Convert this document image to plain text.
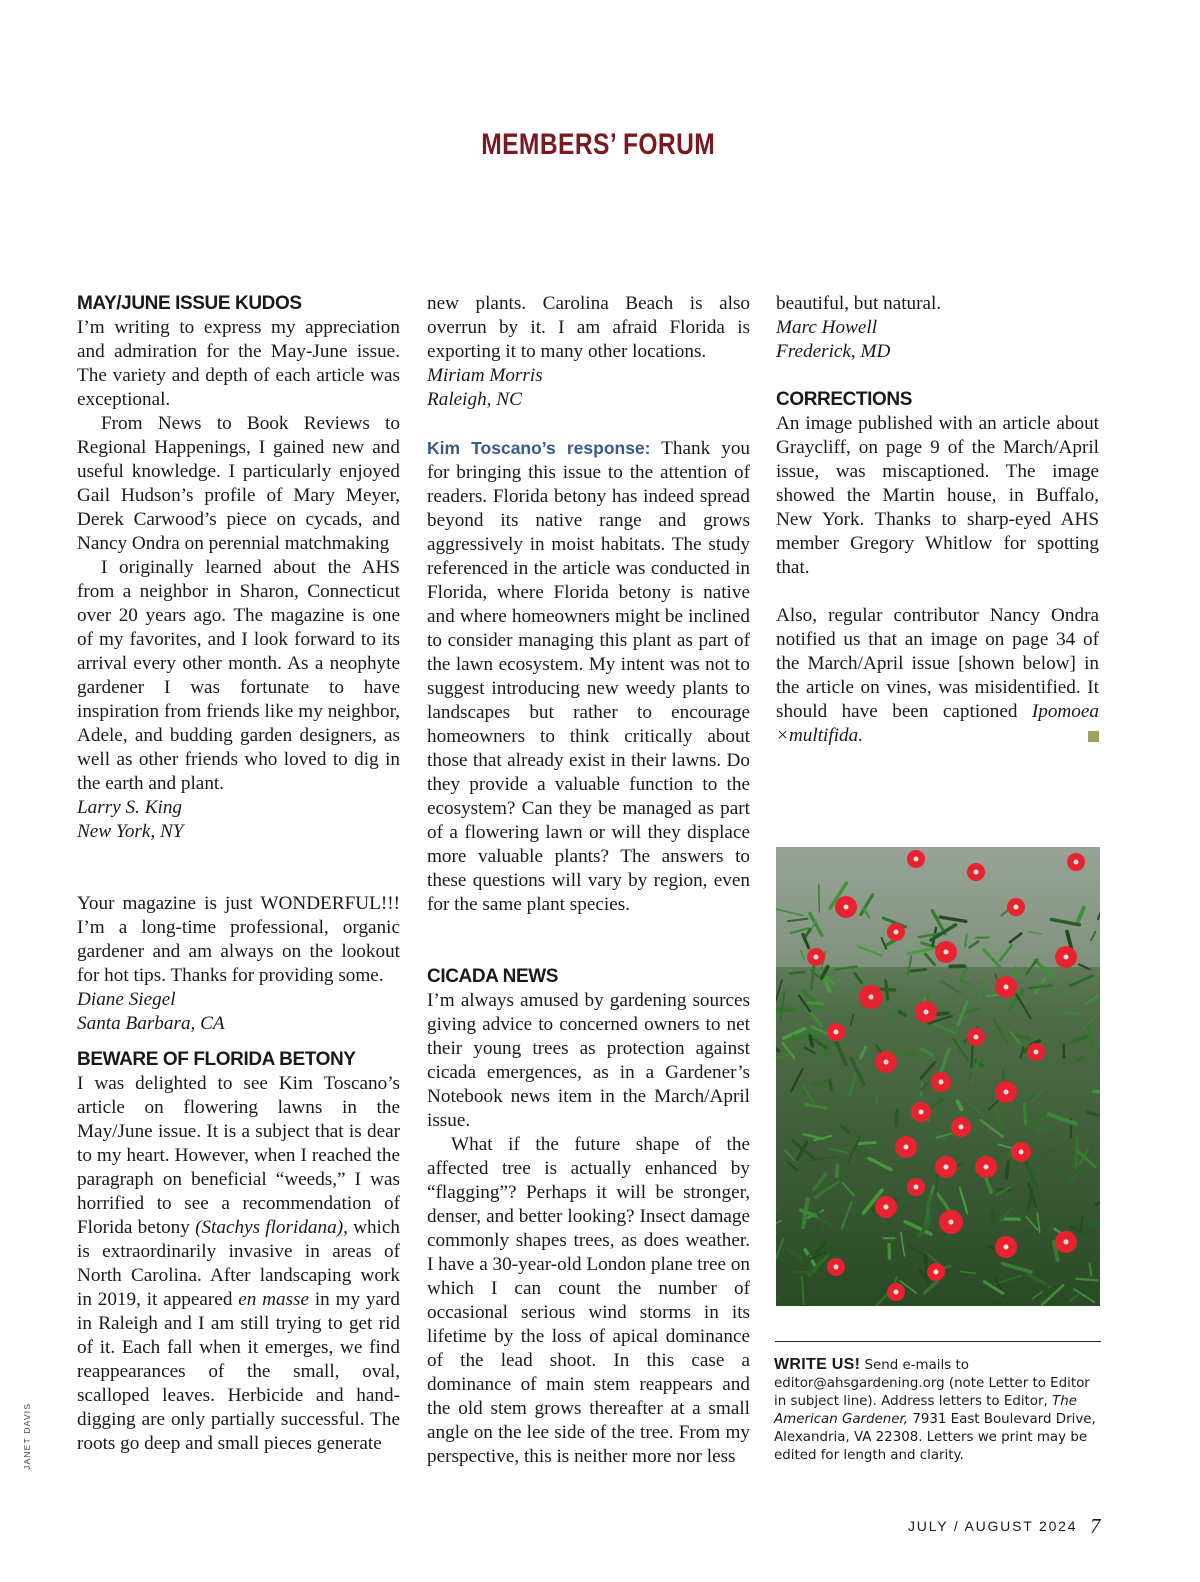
MEMBERS’ FORUM
MAY/JUNE ISSUE KUDOS

I’m writing to express my appreciation and admiration for the May-June issue. The variety and depth of each article was exceptional.

From News to Book Reviews to Regional Happenings, I gained new and useful knowledge. I particularly enjoyed Gail Hudson’s profile of Mary Meyer, Derek Carwood’s piece on cycads, and Nancy Ondra on perennial matchmaking

I originally learned about the AHS from a neighbor in Sharon, Connecticut over 20 years ago. The magazine is one of my favorites, and I look forward to its arrival every other month. As a neophyte gardener I was fortunate to have inspiration from friends like my neighbor, Adele, and budding garden designers, as well as other friends who loved to dig in the earth and plant.

Larry S. King

New York, NY

Your magazine is just WONDERFUL!!! I’m a long-time professional, organic gardener and am always on the lookout for hot tips. Thanks for providing some.

Diane Siegel

Santa Barbara, CA

BEWARE OF FLORIDA BETONY

I was delighted to see Kim Toscano’s article on flowering lawns in the May/June issue. It is a subject that is dear to my heart. However, when I reached the paragraph on beneficial “weeds,” I was horrified to see a recommendation of Florida betony (Stachys floridana), which is extraordinarily invasive in areas of North Carolina. After landscaping work in 2019, it appeared en masse in my yard in Raleigh and I am still trying to get rid of it. Each fall when it emerges, we find reappearances of the small, oval, scalloped leaves. Herbicide and hand-digging are only partially successful. The roots go deep and small pieces generate

new plants. Carolina Beach is also overrun by it. I am afraid Florida is exporting it to many other locations.

Miriam Morris

Raleigh, NC

Kim Toscano’s response: Thank you for bringing this issue to the attention of readers. Florida betony has indeed spread beyond its native range and grows aggressively in moist habitats. The study referenced in the article was conducted in Florida, where Florida betony is native and where homeowners might be inclined to consider managing this plant as part of the lawn ecosystem. My intent was not to suggest introducing new weedy plants to landscapes but rather to encourage homeowners to think critically about those that already exist in their lawns. Do they provide a valuable function to the ecosystem? Can they be managed as part of a flowering lawn or will they displace more valuable plants? The answers to these questions will vary by region, even for the same plant species.

CICADA NEWS

I’m always amused by gardening sources giving advice to concerned owners to net their young trees as protection against cicada emergences, as in a Gardener’s Notebook news item in the March/April issue.

What if the future shape of the affected tree is actually enhanced by “flagging”? Perhaps it will be stronger, denser, and better looking? Insect damage commonly shapes trees, as does weather. I have a 30-year-old London plane tree on which I can count the number of occasional serious wind storms in its lifetime by the loss of apical dominance of the lead shoot. In this case a dominance of main stem reappears and the old stem grows thereafter at a small angle on the lee side of the tree. From my perspective, this is neither more nor less

beautiful, but natural.

Marc Howell

Frederick, MD

CORRECTIONS

An image published with an article about Graycliff, on page 9 of the March/April issue, was miscaptioned. The image showed the Martin house, in Buffalo, New York. Thanks to sharp-eyed AHS member Gregory Whitlow for spotting that.

Also, regular contributor Nancy Ondra notified us that an image on page 34 of the March/April issue [shown below] in the article on vines, was misidentified. It should have been captioned Ipomoea ×multifida.

WRITE US! Send e-mails to editor@ahsgardening.org (note Letter to Editor in subject line). Address letters to Editor, The American Gardener, 7931 East Boulevard Drive, Alexandria, VA 22308. Letters we print may be edited for length and clarity.
JANET DAVIS
JULY / AUGUST 2024 7
